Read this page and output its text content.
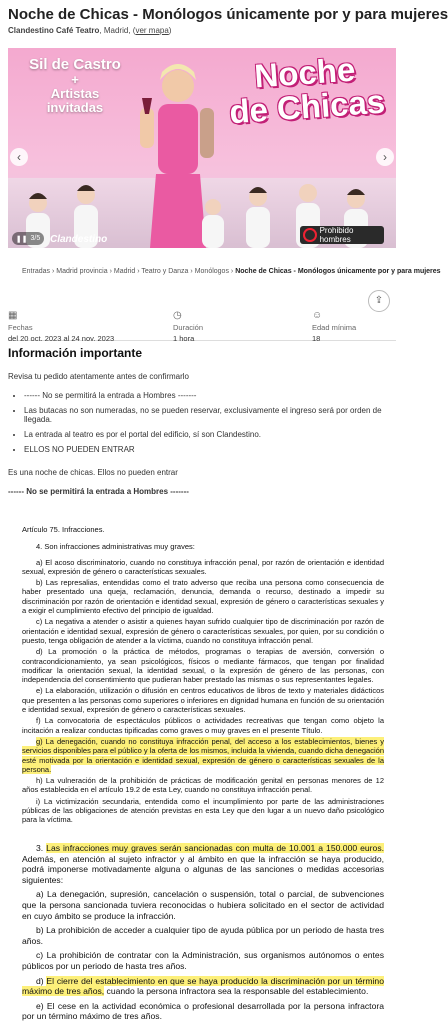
Noche de Chicas - Monólogos únicamente por y para mujeres
Clandestino Café Teatro, Madrid, (ver mapa)
Sil de Castro
+
Artistas
invitadas
Noche
de Chicas
‹	›
❚❚ 3/5 Clandestino
Prohibido hombres
Entradas › Madrid provincia › Madrid › Teatro y Danza › Monólogos › Noche de Chicas - Monólogos únicamente por y para mujeres
⇪
▦
Fechas
del 20 oct. 2023 al 24 nov. 2023
◷
Duración
1 hora
☺
Edad mínima
18
Información importante

Revisa tu pedido atentamente antes de confirmarlo

• ------ No se permitirá la entrada a Hombres -------
• Las butacas no son numeradas, no se pueden reservar, exclusivamente el ingreso será por orden de llegada.
• La entrada al teatro es por el portal del edificio, sí son Clandestino.
• ELLOS NO PUEDEN ENTRAR

Es una noche de chicas. Ellos no pueden entrar

------ No se permitirá la entrada a Hombres -------

Artículo 75. Infracciones.

4. Son infracciones administrativas muy graves:

a) El acoso discriminatorio, cuando no constituya infracción penal, por razón de orientación e identidad sexual, expresión de género o características sexuales.

b) Las represalias, entendidas como el trato adverso que reciba una persona como consecuencia de haber presentado una queja, reclamación, denuncia, demanda o recurso, destinado a impedir su discriminación por razón de orientación e identidad sexual, expresión de género o características sexuales y a exigir el cumplimiento efectivo del principio de igualdad.

c) La negativa a atender o asistir a quienes hayan sufrido cualquier tipo de discriminación por razón de orientación e identidad sexual, expresión de género o características sexuales, por quien, por su condición o puesto, tenga obligación de atender a la víctima, cuando no constituya infracción penal.

d) La promoción o la práctica de métodos, programas o terapias de aversión, conversión o contracondicionamiento, ya sean psicológicos, físicos o mediante fármacos, que tengan por finalidad modificar la orientación sexual, la identidad sexual, o la expresión de género de las personas, con independencia del consentimiento que pudieran haber prestado las mismas o sus representantes legales.

e) La elaboración, utilización o difusión en centros educativos de libros de texto y materiales didácticos que presenten a las personas como superiores o inferiores en dignidad humana en función de su orientación e identidad sexual, expresión de género o características sexuales.

f) La convocatoria de espectáculos públicos o actividades recreativas que tengan como objeto la incitación a realizar conductas tipificadas como graves o muy graves en el presente Título.

g) La denegación, cuando no constituya infracción penal, del acceso a los establecimientos, bienes y servicios disponibles para el público y la oferta de los mismos, incluida la vivienda, cuando dicha denegación esté motivada por la orientación e identidad sexual, expresión de género o características sexuales de la persona.

h) La vulneración de la prohibición de prácticas de modificación genital en personas menores de 12 años establecida en el artículo 19.2 de esta Ley, cuando no constituya infracción penal.

i) La victimización secundaria, entendida como el incumplimiento por parte de las administraciones públicas de las obligaciones de atención previstas en esta Ley que den lugar a un nuevo daño psicológico para la víctima.

3. Las infracciones muy graves serán sancionadas con multa de 10.001 a 150.000 euros. Además, en atención al sujeto infractor y al ámbito en que la infracción se haya producido, podrá imponerse motivadamente alguna o algunas de las sanciones o medidas accesorias siguientes:

a) La denegación, supresión, cancelación o suspensión, total o parcial, de subvenciones que la persona sancionada tuviera reconocidas o hubiera solicitado en el sector de actividad en cuyo ámbito se produce la infracción.

b) La prohibición de acceder a cualquier tipo de ayuda pública por un periodo de hasta tres años.

c) La prohibición de contratar con la Administración, sus organismos autónomos o entes públicos por un periodo de hasta tres años.

d) El cierre del establecimiento en que se haya producido la discriminación por un término máximo de tres años, cuando la persona infractora sea la responsable del establecimiento.

e) El cese en la actividad económica o profesional desarrollada por la persona infractora por un término máximo de tres años.
